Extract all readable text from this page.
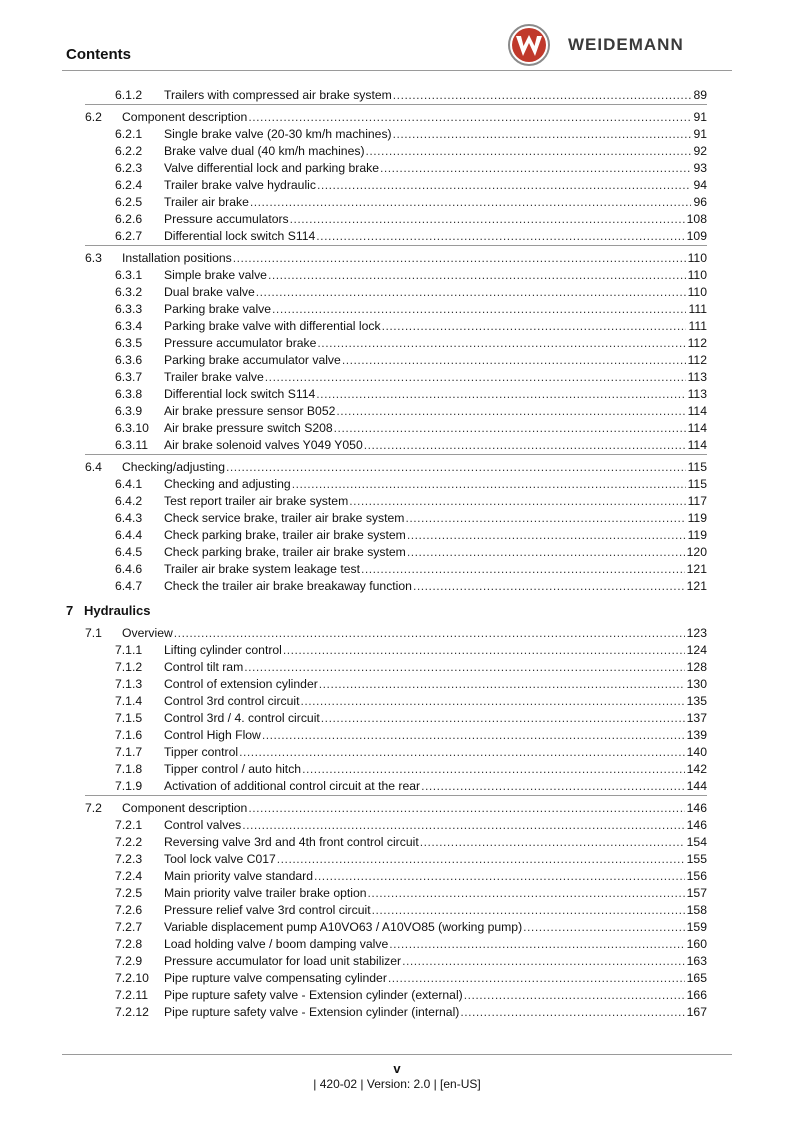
Contents
WEIDEMANN
6.1.2 Trailers with compressed air brake system .....	89
6.2 Component description .....	91
6.2.1 Single brake valve (20-30 km/h machines) .....	91
6.2.2 Brake valve dual (40 km/h machines) .....	92
6.2.3 Valve differential lock and parking brake .....	93
6.2.4 Trailer brake valve hydraulic .....	94
6.2.5 Trailer air brake .....	96
6.2.6 Pressure accumulators .....	108
6.2.7 Differential lock switch S114 .....	109
6.3 Installation positions .....	110
6.3.1 Simple brake valve .....	110
6.3.2 Dual brake valve .....	110
6.3.3 Parking brake valve .....	111
6.3.4 Parking brake valve with differential lock .....	111
6.3.5 Pressure accumulator brake .....	112
6.3.6 Parking brake accumulator valve .....	112
6.3.7 Trailer brake valve .....	113
6.3.8 Differential lock switch S114 .....	113
6.3.9 Air brake pressure sensor B052 .....	114
6.3.10 Air brake pressure switch S208 .....	114
6.3.11 Air brake solenoid valves Y049 Y050 .....	114
6.4 Checking/adjusting .....	115
6.4.1 Checking and adjusting .....	115
6.4.2 Test report trailer air brake system .....	117
6.4.3 Check service brake, trailer air brake system .....	119
6.4.4 Check parking brake, trailer air brake system .....	119
6.4.5 Check parking brake, trailer air brake system .....	120
6.4.6 Trailer air brake system leakage test .....	121
6.4.7 Check the trailer air brake breakaway function .....	121
7 Hydraulics
7.1 Overview .....	123
7.1.1 Lifting cylinder control .....	124
7.1.2 Control tilt ram .....	128
7.1.3 Control of extension cylinder .....	130
7.1.4 Control 3rd control circuit .....	135
7.1.5 Control 3rd / 4. control circuit .....	137
7.1.6 Control High Flow .....	139
7.1.7 Tipper control .....	140
7.1.8 Tipper control / auto hitch .....	142
7.1.9 Activation of additional control circuit at the rear .....	144
7.2 Component description .....	146
7.2.1 Control valves .....	146
7.2.2 Reversing valve 3rd and 4th front control circuit .....	154
7.2.3 Tool lock valve C017 .....	155
7.2.4 Main priority valve standard .....	156
7.2.5 Main priority valve trailer brake option .....	157
7.2.6 Pressure relief valve 3rd control circuit .....	158
7.2.7 Variable displacement pump A10VO63 / A10VO85 (working pump) .....	159
7.2.8 Load holding valve / boom damping valve .....	160
7.2.9 Pressure accumulator for load unit stabilizer .....	163
7.2.10 Pipe rupture valve compensating cylinder .....	165
7.2.11 Pipe rupture safety valve - Extension cylinder (external) .....	166
7.2.12 Pipe rupture safety valve - Extension cylinder (internal) .....	167
v
| 420-02 | Version: 2.0 | [en-US]
